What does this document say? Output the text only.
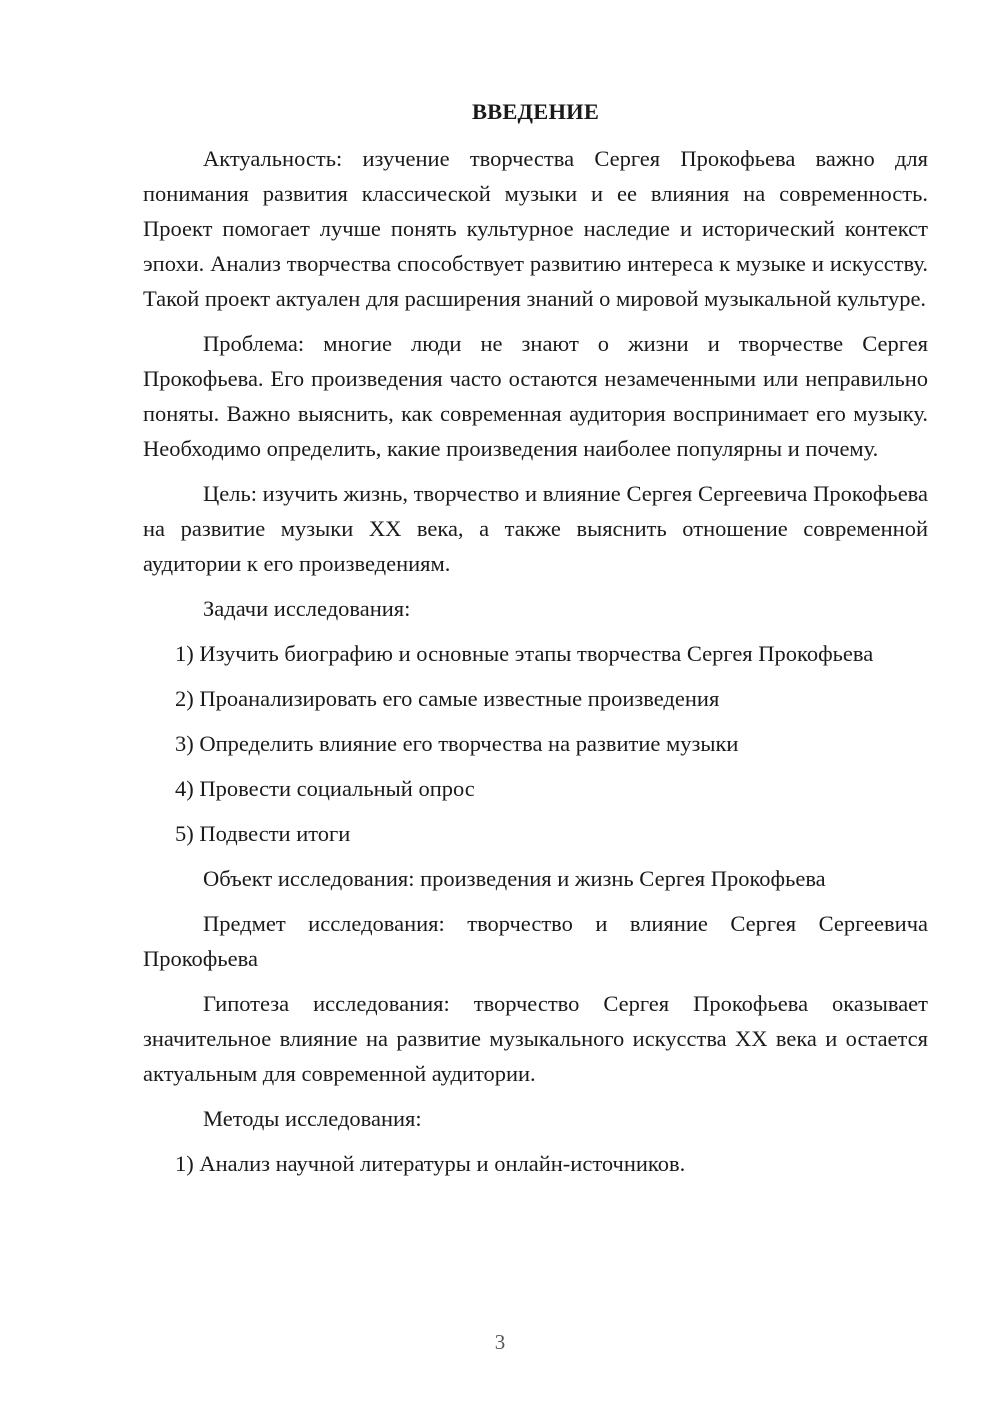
ВВЕДЕНИЕ

Актуальность: изучение творчества Сергея Прокофьева важно для понимания развития классической музыки и ее влияния на современность. Проект помогает лучше понять культурное наследие и исторический контекст эпохи. Анализ творчества способствует развитию интереса к музыке и искусству. Такой проект актуален для расширения знаний о мировой музыкальной культуре.

Проблема: многие люди не знают о жизни и творчестве Сергея Прокофьева. Его произведения часто остаются незамеченными или неправильно поняты. Важно выяснить, как современная аудитория воспринимает его музыку. Необходимо определить, какие произведения наиболее популярны и почему.

Цель: изучить жизнь, творчество и влияние Сергея Сергеевича Прокофьева на развитие музыки XX века, а также выяснить отношение современной аудитории к его произведениям.

Задачи исследования:

1) Изучить биографию и основные этапы творчества Сергея Прокофьева

2) Проанализировать его самые известные произведения

3) Определить влияние его творчества на развитие музыки

4) Провести социальный опрос

5) Подвести итоги

Объект исследования: произведения и жизнь Сергея Прокофьева

Предмет исследования: творчество и влияние Сергея Сергеевича Прокофьева

Гипотеза исследования: творчество Сергея Прокофьева оказывает значительное влияние на развитие музыкального искусства XX века и остается актуальным для современной аудитории.

Методы исследования:

1) Анализ научной литературы и онлайн-источников.

3
